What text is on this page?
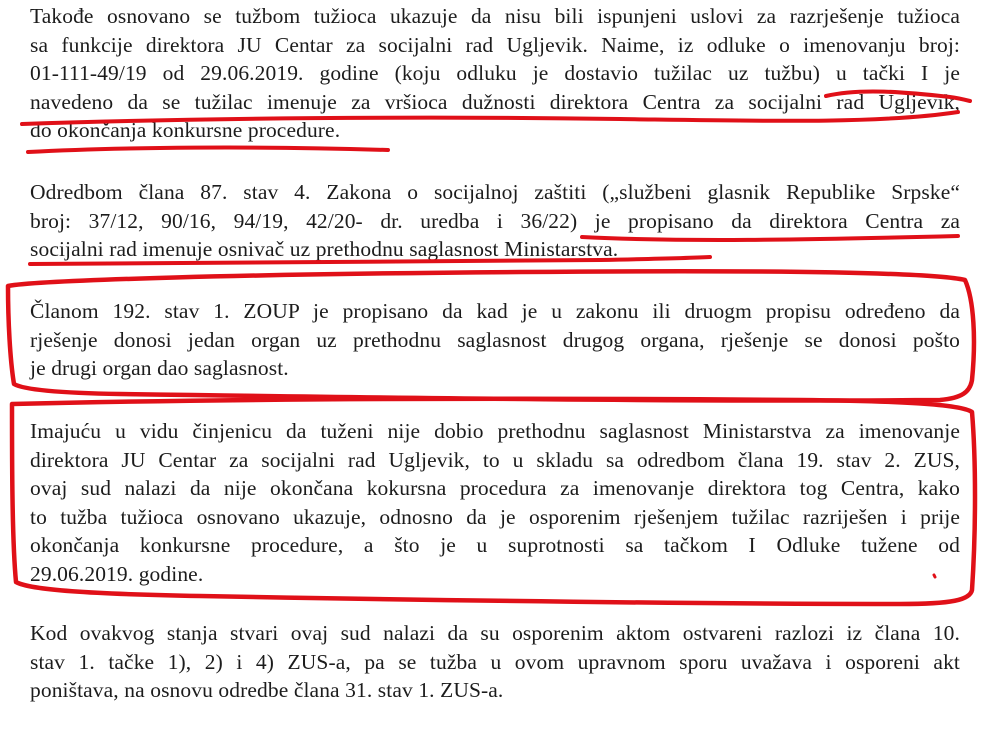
Takođe osnovano se tužbom tužioca ukazuje da nisu bili ispunjeni uslovi za razrješenje tužioca
sa funkcije direktora JU Centar za socijalni rad Ugljevik. Naime, iz odluke o imenovanju broj:
01-111-49/19 od 29.06.2019. godine (koju odluku je dostavio tužilac uz tužbu) u tački I je
navedeno da se tužilac imenuje za vršioca dužnosti direktora Centra za socijalni rad Ugljevik,
do okončanja konkursne procedure.
Odredbom člana 87. stav 4. Zakona o socijalnoj zaštiti („službeni glasnik Republike Srpske“
broj: 37/12, 90/16, 94/19, 42/20- dr. uredba i 36/22) je propisano da direktora Centra za
socijalni rad imenuje osnivač uz prethodnu saglasnost Ministarstva.
Članom 192. stav 1. ZOUP je propisano da kad je u zakonu ili druogm propisu određeno da
rješenje donosi jedan organ uz prethodnu saglasnost drugog organa, rješenje se donosi pošto
je drugi organ dao saglasnost.
Imajuću u vidu činjenicu da tuženi nije dobio prethodnu saglasnost Ministarstva za imenovanje
direktora JU Centar za socijalni rad Ugljevik, to u skladu sa odredbom člana 19. stav 2. ZUS,
ovaj sud nalazi da nije okončana kokursna procedura za imenovanje direktora tog Centra, kako
to tužba tužioca osnovano ukazuje, odnosno da je osporenim rješenjem tužilac razriješen i prije
okončanja konkursne procedure, a što je u suprotnosti sa tačkom I Odluke tužene od
29.06.2019. godine.
Kod ovakvog stanja stvari ovaj sud nalazi da su osporenim aktom ostvareni razlozi iz člana 10.
stav 1. tačke 1), 2) i 4) ZUS-a, pa se tužba u ovom upravnom sporu uvažava i osporeni akt
poništava, na osnovu odredbe člana 31. stav 1. ZUS-a.
